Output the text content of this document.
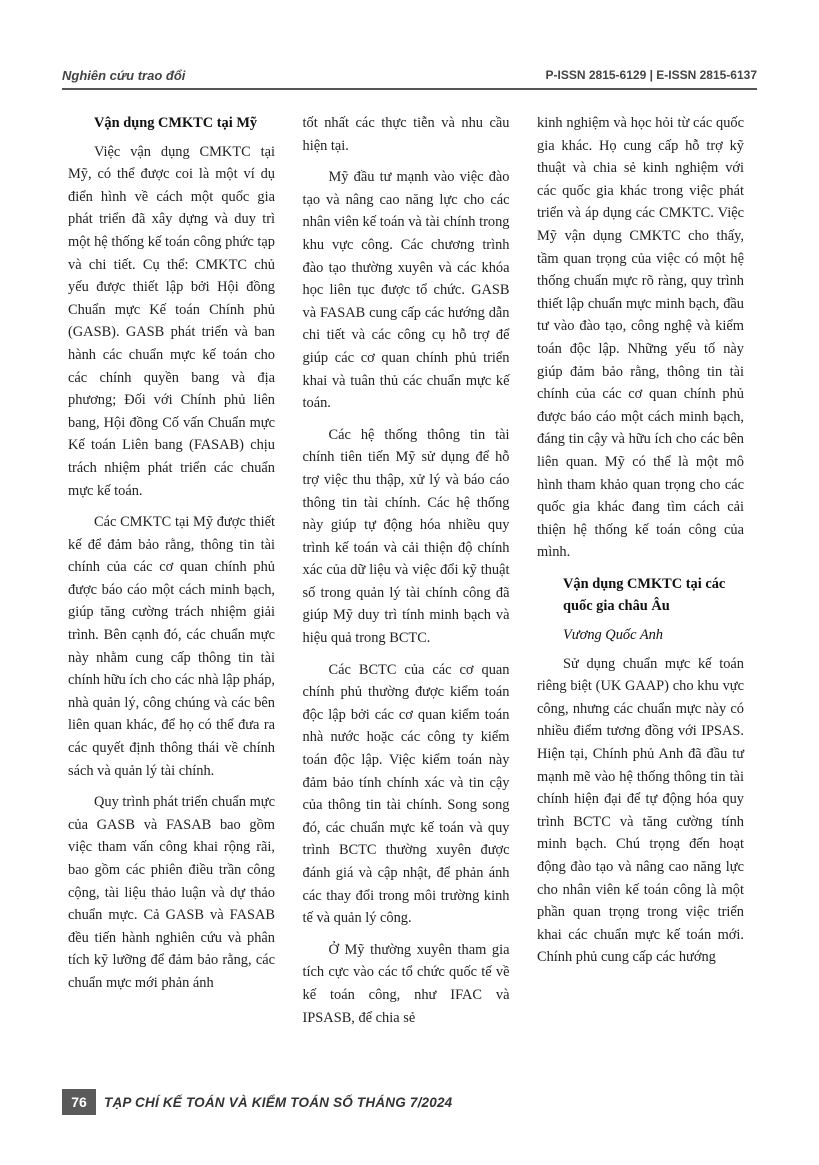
Nghiên cứu trao đổi	P-ISSN 2815-6129 | E-ISSN 2815-6137
Vận dụng CMKTC tại Mỹ

Việc vận dụng CMKTC tại Mỹ, có thể được coi là một ví dụ điển hình về cách một quốc gia phát triển đã xây dựng và duy trì một hệ thống kế toán công phức tạp và chi tiết. Cụ thể: CMKTC chủ yếu được thiết lập bởi Hội đồng Chuẩn mực Kế toán Chính phủ (GASB). GASB phát triển và ban hành các chuẩn mực kế toán cho các chính quyền bang và địa phương; Đối với Chính phủ liên bang, Hội đồng Cố vấn Chuẩn mực Kế toán Liên bang (FASAB) chịu trách nhiệm phát triển các chuẩn mực kế toán.

Các CMKTC tại Mỹ được thiết kế để đảm bảo rằng, thông tin tài chính của các cơ quan chính phủ được báo cáo một cách minh bạch, giúp tăng cường trách nhiệm giải trình. Bên cạnh đó, các chuẩn mực này nhằm cung cấp thông tin tài chính hữu ích cho các nhà lập pháp, nhà quản lý, công chúng và các bên liên quan khác, để họ có thể đưa ra các quyết định thông thái về chính sách và quản lý tài chính.

Quy trình phát triển chuẩn mực của GASB và FASAB bao gồm việc tham vấn công khai rộng rãi, bao gồm các phiên điều trần công cộng, tài liệu thảo luận và dự thảo chuẩn mực. Cả GASB và FASAB đều tiến hành nghiên cứu và phân tích kỹ lưỡng để đảm bảo rằng, các chuẩn mực mới phản ánh

tốt nhất các thực tiễn và nhu cầu hiện tại.

Mỹ đầu tư mạnh vào việc đào tạo và nâng cao năng lực cho các nhân viên kế toán và tài chính trong khu vực công. Các chương trình đào tạo thường xuyên và các khóa học liên tục được tổ chức. GASB và FASAB cung cấp các hướng dẫn chi tiết và các công cụ hỗ trợ để giúp các cơ quan chính phủ triển khai và tuân thủ các chuẩn mực kế toán.

Các hệ thống thông tin tài chính tiên tiến Mỹ sử dụng để hỗ trợ việc thu thập, xử lý và báo cáo thông tin tài chính. Các hệ thống này giúp tự động hóa nhiều quy trình kế toán và cải thiện độ chính xác của dữ liệu và việc đổi kỹ thuật số trong quản lý tài chính công đã giúp Mỹ duy trì tính minh bạch và hiệu quả trong BCTC.

Các BCTC của các cơ quan chính phủ thường được kiểm toán độc lập bởi các cơ quan kiểm toán nhà nước hoặc các công ty kiểm toán độc lập. Việc kiểm toán này đảm bảo tính chính xác và tin cậy của thông tin tài chính. Song song đó, các chuẩn mực kế toán và quy trình BCTC thường xuyên được đánh giá và cập nhật, để phản ánh các thay đổi trong môi trường kinh tế và quản lý công.

Ở Mỹ thường xuyên tham gia tích cực vào các tổ chức quốc tế về kế toán công, như IFAC và IPSASB, để chia sẻ

kinh nghiệm và học hỏi từ các quốc gia khác. Họ cung cấp hỗ trợ kỹ thuật và chia sẻ kinh nghiệm với các quốc gia khác trong việc phát triển và áp dụng các CMKTC. Việc Mỹ vận dụng CMKTC cho thấy, tầm quan trọng của việc có một hệ thống chuẩn mực rõ ràng, quy trình thiết lập chuẩn mực minh bạch, đầu tư vào đào tạo, công nghệ và kiểm toán độc lập. Những yếu tố này giúp đảm bảo rằng, thông tin tài chính của các cơ quan chính phủ được báo cáo một cách minh bạch, đáng tin cậy và hữu ích cho các bên liên quan. Mỹ có thể là một mô hình tham khảo quan trọng cho các quốc gia khác đang tìm cách cải thiện hệ thống kế toán công của mình.

Vận dụng CMKTC tại các quốc gia châu Âu
Vương Quốc Anh

Sử dụng chuẩn mực kế toán riêng biệt (UK GAAP) cho khu vực công, nhưng các chuẩn mực này có nhiều điểm tương đồng với IPSAS. Hiện tại, Chính phủ Anh đã đầu tư mạnh mẽ vào hệ thống thông tin tài chính hiện đại để tự động hóa quy trình BCTC và tăng cường tính minh bạch. Chú trọng đến hoạt động đào tạo và nâng cao năng lực cho nhân viên kế toán công là một phần quan trọng trong việc triển khai các chuẩn mực kế toán mới. Chính phủ cung cấp các hướng

76	TẠP CHÍ KẾ TOÁN VÀ KIỂM TOÁN SỐ THÁNG 7/2024
